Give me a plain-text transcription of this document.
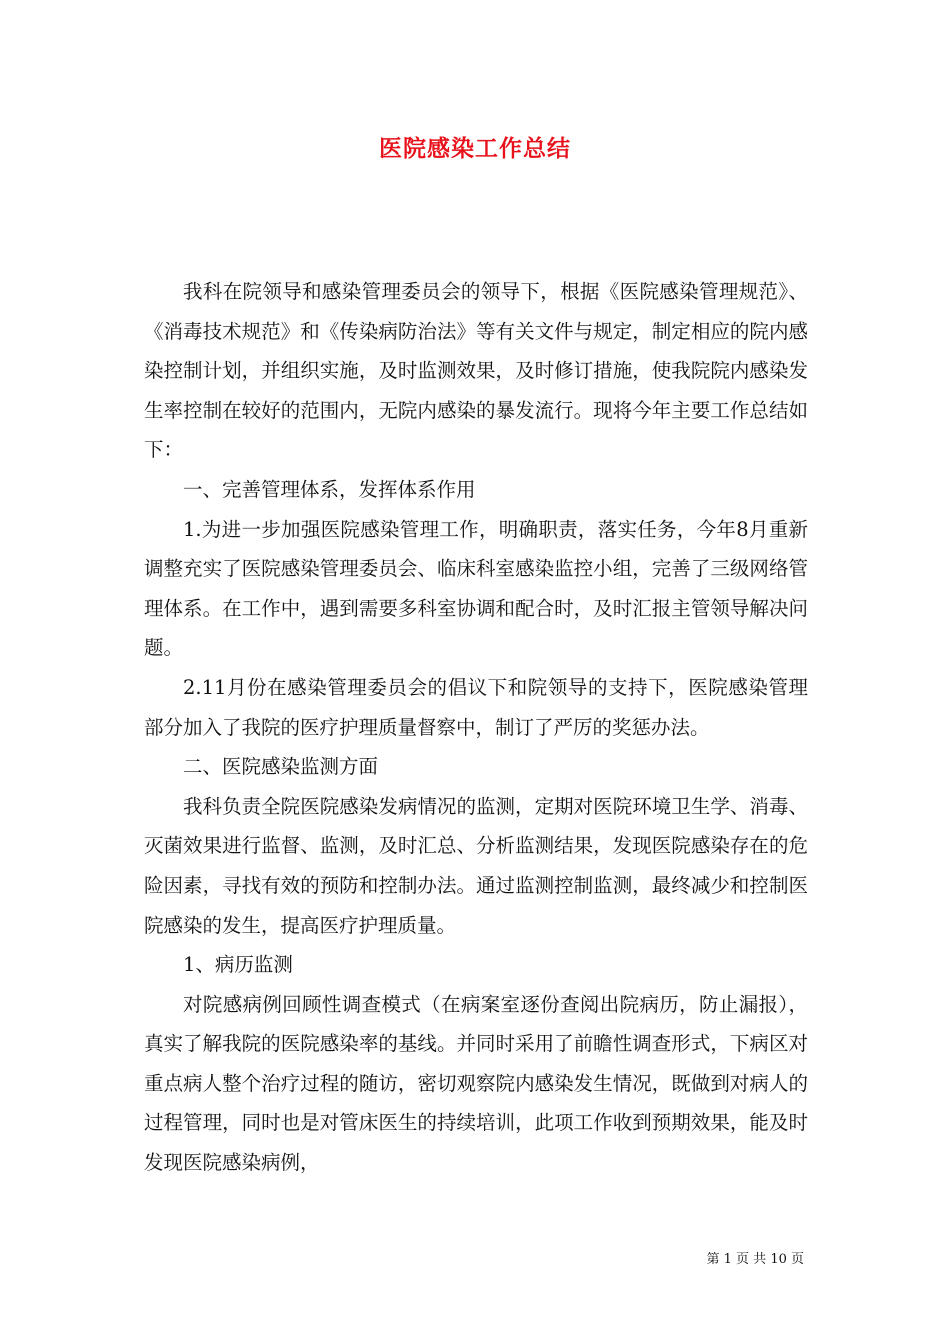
医院感染工作总结

我科在院领导和感染管理委员会的领导下，根据《医院感染管理规范》、《消毒技术规范》和《传染病防治法》等有关文件与规定，制定相应的院内感染控制计划，并组织实施，及时监测效果，及时修订措施，使我院院内感染发生率控制在较好的范围内，无院内感染的暴发流行。现将今年主要工作总结如下：

一、完善管理体系，发挥体系作用

1.为进一步加强医院感染管理工作，明确职责，落实任务，今年8月重新调整充实了医院感染管理委员会、临床科室感染监控小组，完善了三级网络管理体系。在工作中，遇到需要多科室协调和配合时，及时汇报主管领导解决问题。

2.11月份在感染管理委员会的倡议下和院领导的支持下，医院感染管理部分加入了我院的医疗护理质量督察中，制订了严厉的奖惩办法。

二、医院感染监测方面

我科负责全院医院感染发病情况的监测，定期对医院环境卫生学、消毒、灭菌效果进行监督、监测，及时汇总、分析监测结果，发现医院感染存在的危险因素，寻找有效的预防和控制办法。通过监测控制监测，最终减少和控制医院感染的发生，提高医疗护理质量。

1、病历监测

对院感病例回顾性调查模式（在病案室逐份查阅出院病历，防止漏报），真实了解我院的医院感染率的基线。并同时采用了前瞻性调查形式，下病区对重点病人整个治疗过程的随访，密切观察院内感染发生情况，既做到对病人的过程管理，同时也是对管床医生的持续培训，此项工作收到预期效果，能及时发现医院感染病例，

第 1 页 共 10 页
